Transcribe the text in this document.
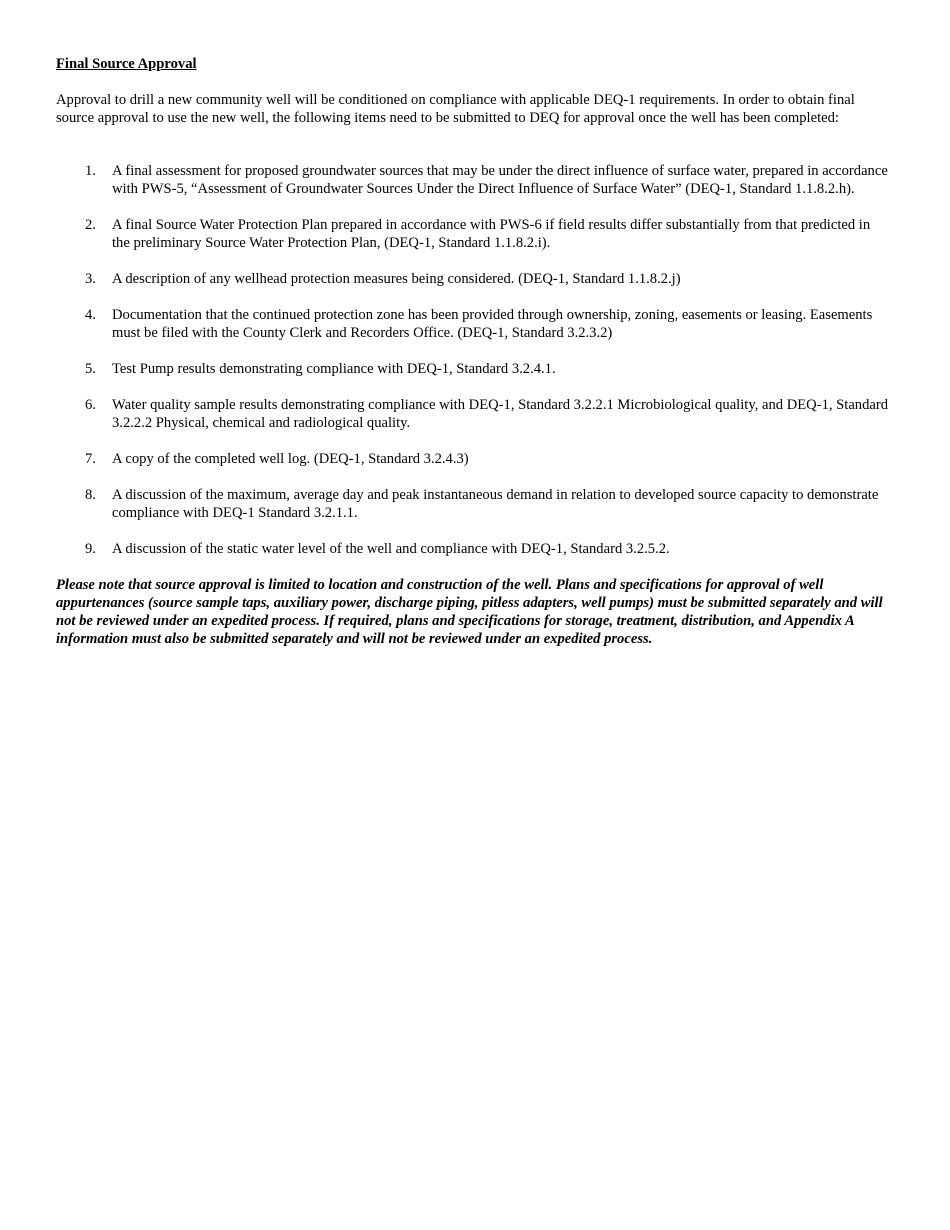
Final Source Approval

Approval to drill a new community well will be conditioned on compliance with applicable DEQ-1 requirements. In order to obtain final source approval to use the new well, the following items need to be submitted to DEQ for approval once the well has been completed:

1. A final assessment for proposed groundwater sources that may be under the direct influence of surface water, prepared in accordance with PWS-5, “Assessment of Groundwater Sources Under the Direct Influence of Surface Water” (DEQ-1, Standard 1.1.8.2.h).
2. A final Source Water Protection Plan prepared in accordance with PWS-6 if field results differ substantially from that predicted in the preliminary Source Water Protection Plan, (DEQ-1, Standard 1.1.8.2.i).
3. A description of any wellhead protection measures being considered. (DEQ-1, Standard 1.1.8.2.j)
4. Documentation that the continued protection zone has been provided through ownership, zoning, easements or leasing. Easements must be filed with the County Clerk and Recorders Office. (DEQ-1, Standard 3.2.3.2)
5. Test Pump results demonstrating compliance with DEQ-1, Standard 3.2.4.1.
6. Water quality sample results demonstrating compliance with DEQ-1, Standard 3.2.2.1 Microbiological quality, and DEQ-1, Standard 3.2.2.2 Physical, chemical and radiological quality.
7. A copy of the completed well log. (DEQ-1, Standard 3.2.4.3)
8. A discussion of the maximum, average day and peak instantaneous demand in relation to developed source capacity to demonstrate compliance with DEQ-1 Standard 3.2.1.1.
9. A discussion of the static water level of the well and compliance with DEQ-1, Standard 3.2.5.2.

Please note that source approval is limited to location and construction of the well. Plans and specifications for approval of well appurtenances (source sample taps, auxiliary power, discharge piping, pitless adapters, well pumps) must be submitted separately and will not be reviewed under an expedited process. If required, plans and specifications for storage, treatment, distribution, and Appendix A information must also be submitted separately and will not be reviewed under an expedited process.
